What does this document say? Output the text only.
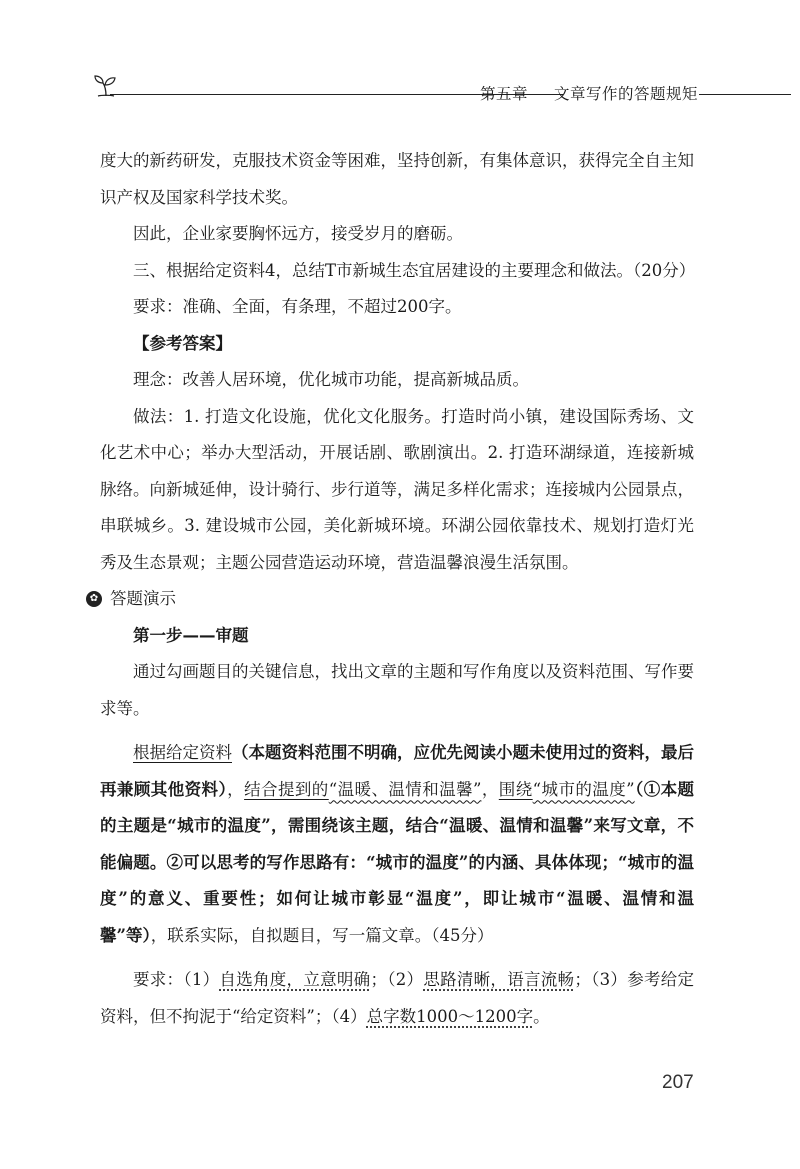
第五章 文章写作的答题规矩

度大的新药研发，克服技术资金等困难，坚持创新，有集体意识，获得完全自主知识产权及国家科学技术奖。

因此，企业家要胸怀远方，接受岁月的磨砺。

三、根据给定资料4，总结T市新城生态宜居建设的主要理念和做法。（20分）

要求：准确、全面，有条理，不超过200字。

【参考答案】

理念：改善人居环境，优化城市功能，提高新城品质。

做法：1. 打造文化设施，优化文化服务。打造时尚小镇，建设国际秀场、文化艺术中心；举办大型活动，开展话剧、歌剧演出。2. 打造环湖绿道，连接新城脉络。向新城延伸，设计骑行、步行道等，满足多样化需求；连接城内公园景点，串联城乡。3. 建设城市公园，美化新城环境。环湖公园依靠技术、规划打造灯光秀及生态景观；主题公园营造运动环境，营造温馨浪漫生活氛围。

✿ 答题演示

第一步——审题

通过勾画题目的关键信息，找出文章的主题和写作角度以及资料范围、写作要求等。

根据给定资料（本题资料范围不明确，应优先阅读小题未使用过的资料，最后再兼顾其他资料），结合提到的“温暖、温情和温馨”，围绕“城市的温度”（①本题的主题是“城市的温度”，需围绕该主题，结合“温暖、温情和温馨”来写文章，不能偏题。②可以思考的写作思路有：“城市的温度”的内涵、具体体现；“城市的温度”的意义、重要性；如何让城市彰显“温度”，即让城市“温暖、温情和温馨”等），联系实际，自拟题目，写一篇文章。（45分）

要求：（1）自选角度，立意明确；（2）思路清晰，语言流畅；（3）参考给定资料，但不拘泥于“给定资料”；（4）总字数1000～1200字。

207
